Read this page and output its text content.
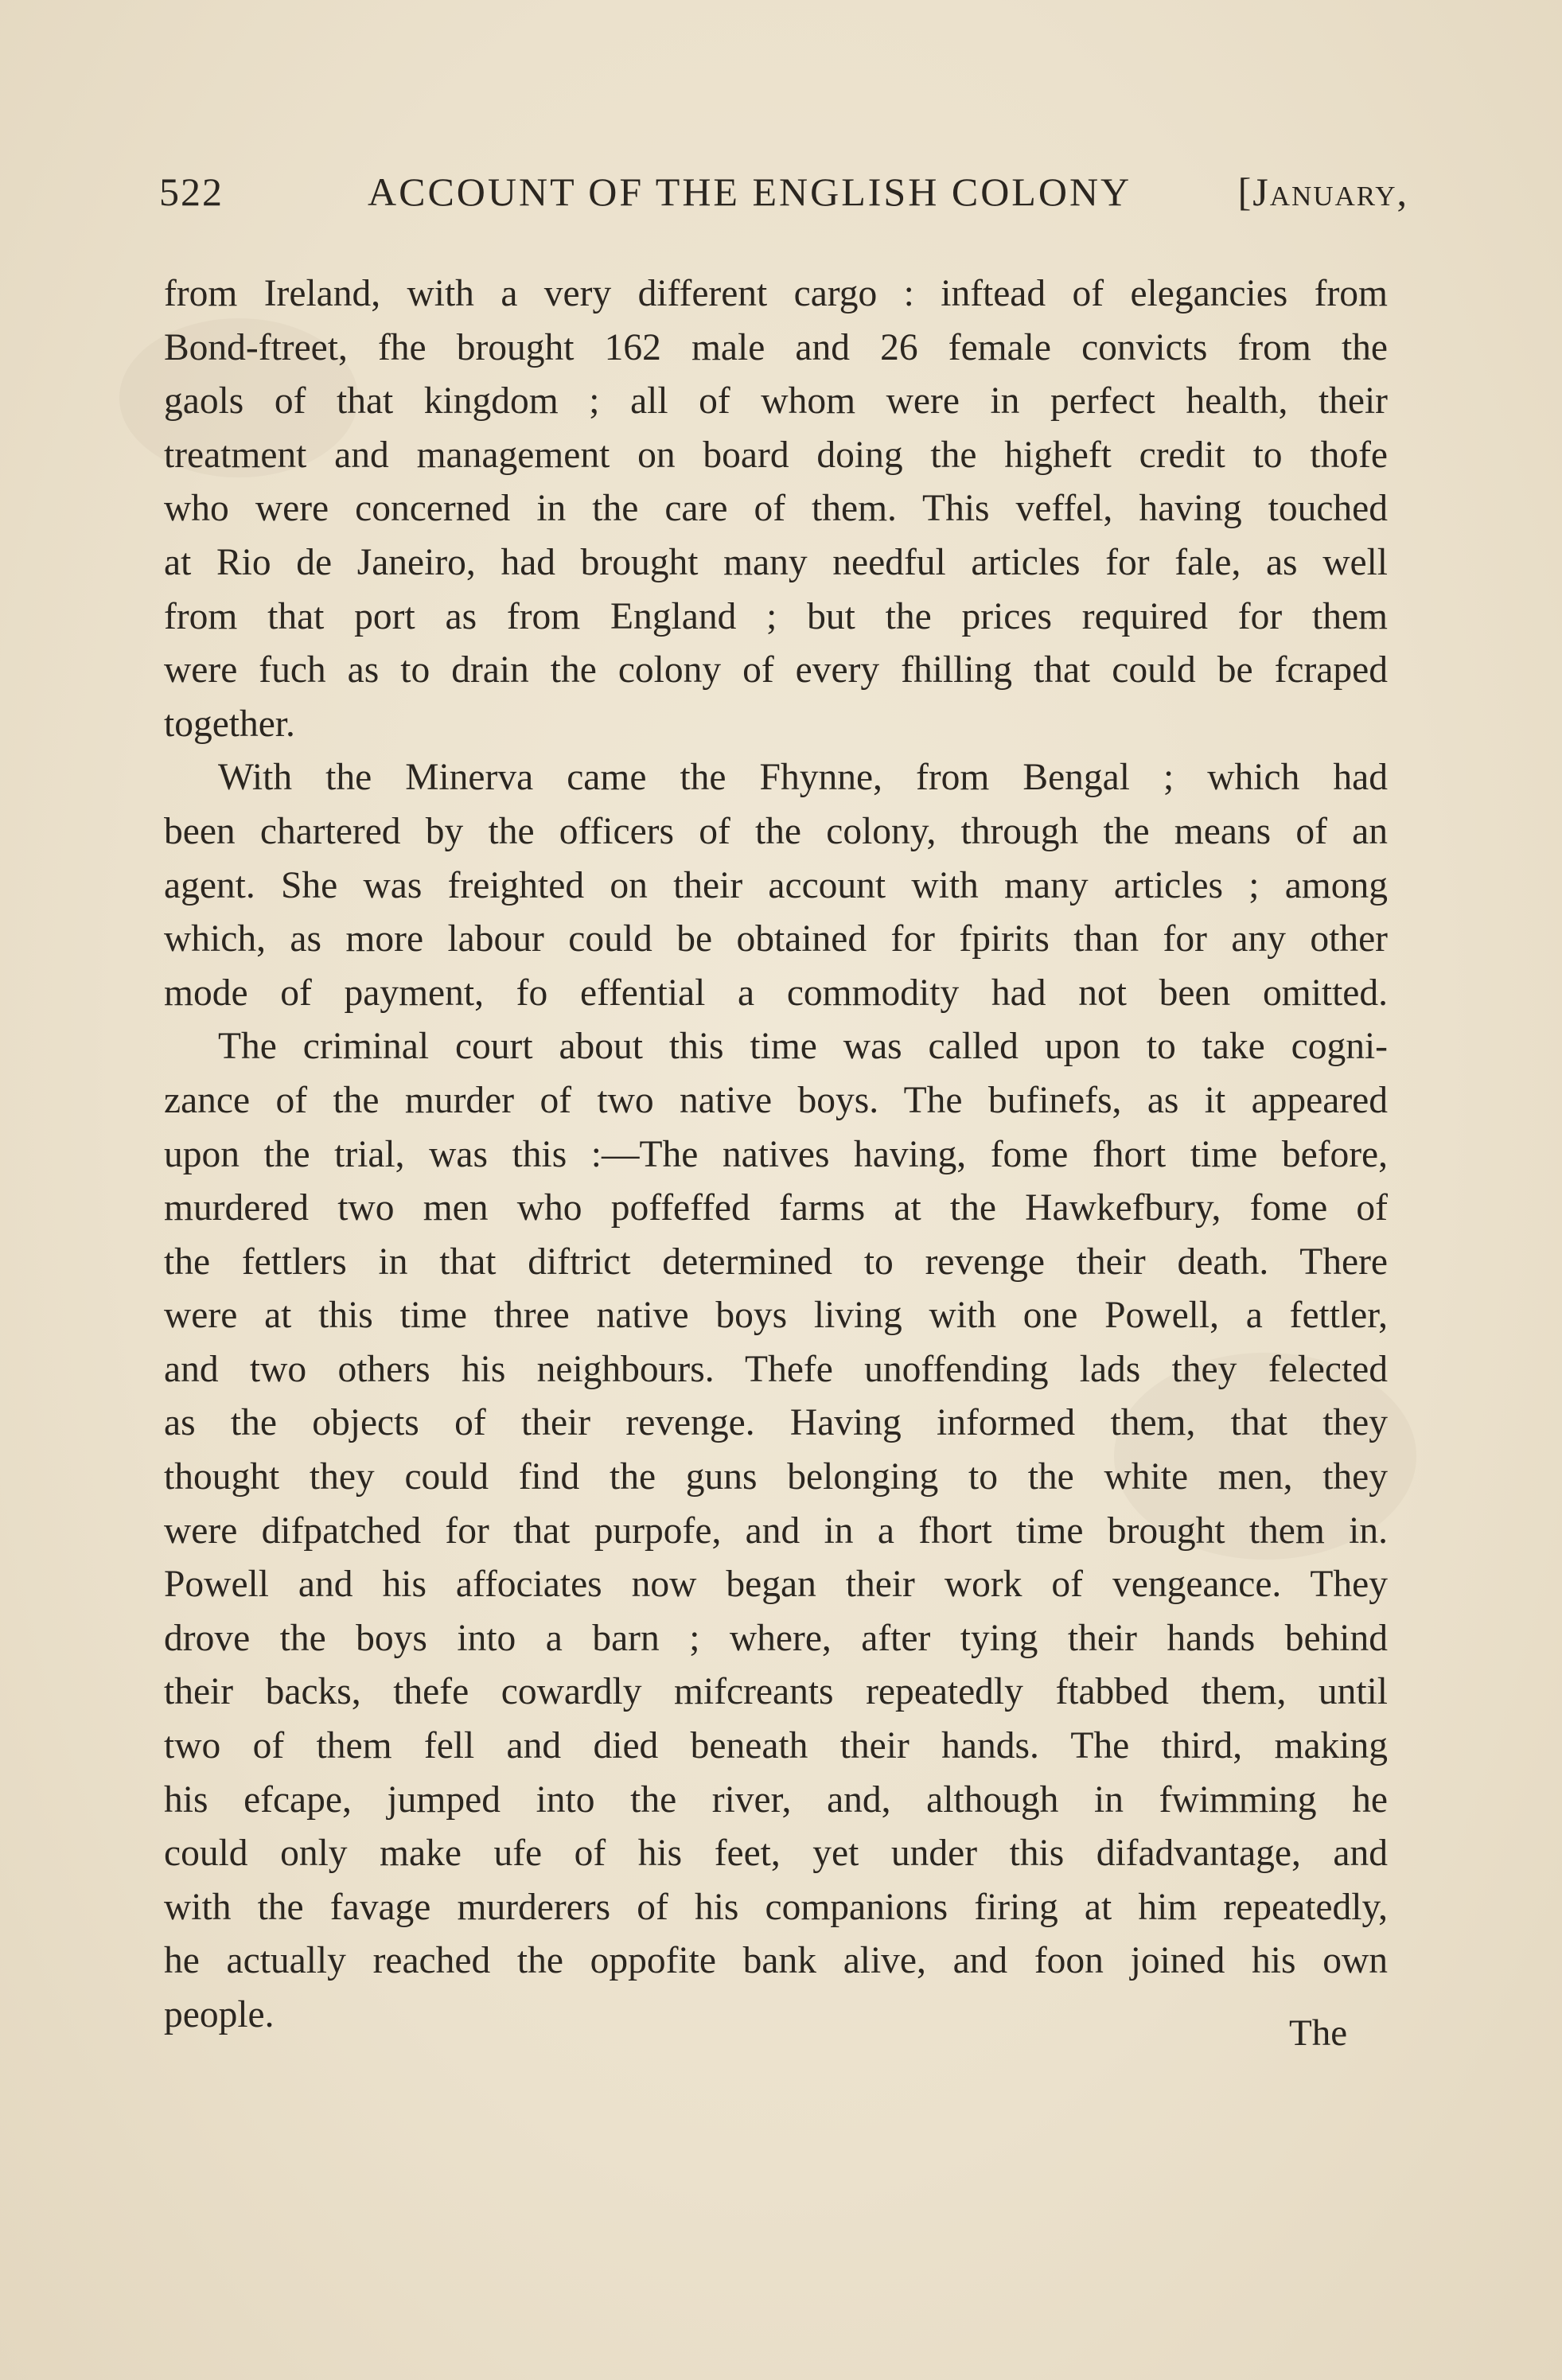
522	ACCOUNT OF THE ENGLISH COLONY	[January,
from Ireland, with a very different cargo : inftead of elegancies from
Bond-ftreet, fhe brought 162 male and 26 female convicts from the
gaols of that kingdom ; all of whom were in perfect health, their
treatment and management on board doing the higheft credit to thofe
who were concerned in the care of them. This veffel, having touched
at Rio de Janeiro, had brought many needful articles for fale, as well
from that port as from England ; but the prices required for them
were fuch as to drain the colony of every fhilling that could be fcraped
together.
With the Minerva came the Fhynne, from Bengal ; which had
been chartered by the officers of the colony, through the means of an
agent. She was freighted on their account with many articles ; among
which, as more labour could be obtained for fpirits than for any other
mode of payment, fo effential a commodity had not been omitted.
The criminal court about this time was called upon to take cogni-
zance of the murder of two native boys. The bufinefs, as it appeared
upon the trial, was this :—The natives having, fome fhort time before,
murdered two men who poffeffed farms at the Hawkefbury, fome of
the fettlers in that diftrict determined to revenge their death. There
were at this time three native boys living with one Powell, a fettler,
and two others his neighbours. Thefe unoffending lads they felected
as the objects of their revenge. Having informed them, that they
thought they could find the guns belonging to the white men, they
were difpatched for that purpofe, and in a fhort time brought them in.
Powell and his affociates now began their work of vengeance. They
drove the boys into a barn ; where, after tying their hands behind
their backs, thefe cowardly mifcreants repeatedly ftabbed them, until
two of them fell and died beneath their hands. The third, making
his efcape, jumped into the river, and, although in fwimming he
could only make ufe of his feet, yet under this difadvantage, and
with the favage murderers of his companions firing at him repeatedly,
he actually reached the oppofite bank alive, and foon joined his own
people.	The
